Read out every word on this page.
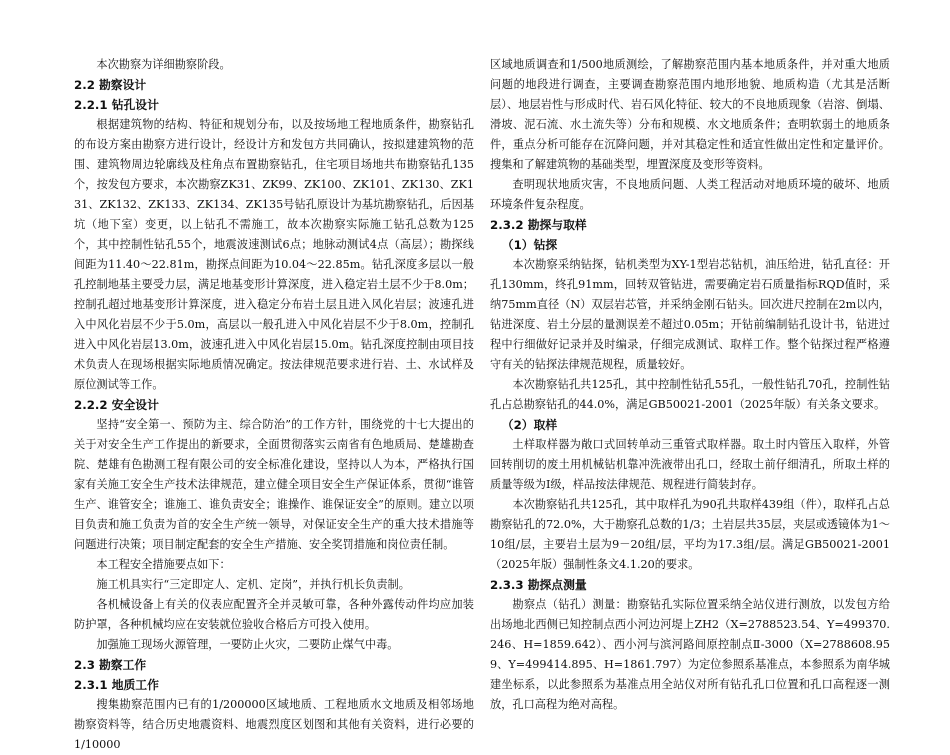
本次勘察为详细勘察阶段。

2.2 勘察设计

2.2.1 钻孔设计

根据建筑物的结构、特征和规划分布，以及按场地工程地质条件，勘察钻孔的布设方案由勘察方进行设计，经设计方和发包方共同确认，按拟建建筑物的范围、建筑物周边轮廓线及柱角点布置勘察钻孔，住宅项目场地共布勘察钻孔135个，按发包方要求，本次勘察ZK31、ZK99、ZK100、ZK101、ZK130、ZK131、ZK132、ZK133、ZK134、ZK135号钻孔原设计为基坑勘察钻孔，后因基坑（地下室）变更，以上钻孔不需施工，故本次勘察实际施工钻孔总数为125个，其中控制性钻孔55个，地震波速测试6点；地脉动测试4点（高层）；勘探线间距为11.40～22.81m，勘探点间距为10.04～22.85m。钻孔深度多层以一般孔控制地基主要受力层，满足地基变形计算深度，进入稳定岩土层不少于8.0m；控制孔超过地基变形计算深度，进入稳定分布岩土层且进入风化岩层；波速孔进入中风化岩层不少于5.0m，高层以一般孔进入中风化岩层不少于8.0m，控制孔进入中风化岩层13.0m，波速孔进入中风化岩层15.0m。钻孔深度控制由项目技术负责人在现场根据实际地质情况确定。按法律规范要求进行岩、土、水试样及原位测试等工作。

2.2.2 安全设计

坚持“安全第一、预防为主、综合防治”的工作方针，围绕党的十七大提出的关于对安全生产工作提出的新要求，全面贯彻落实云南省有色地质局、楚雄勘查院、楚雄有色勘测工程有限公司的安全标准化建设，坚持以人为本，严格执行国家有关施工安全生产技术法律规范，建立健全项目安全生产保证体系，贯彻“谁管生产、谁管安全；谁施工、谁负责安全；谁操作、谁保证安全”的原则。建立以项目负责和施工负责为首的安全生产统一领导，对保证安全生产的重大技术措施等问题进行决策；项目制定配套的安全生产措施、安全奖罚措施和岗位责任制。

本工程安全措施要点如下：

施工机具实行“三定即定人、定机、定岗”，并执行机长负责制。

各机械设备上有关的仪表应配置齐全并灵敏可靠，各种外露传动件均应加装防护罩，各种机械均应在安装就位验收合格后方可投入使用。

加强施工现场火源管理，一要防止火灾，二要防止煤气中毒。

2.3 勘察工作

2.3.1 地质工作

搜集勘察范围内已有的1/200000区域地质、工程地质水文地质及相邻场地勘察资料等，结合历史地震资料、地震烈度区划图和其他有关资料，进行必要的1/10000

区域地质调查和1/500地质测绘，了解勘察范围内基本地质条件，并对重大地质问题的地段进行调查，主要调查勘察范围内地形地貌、地质构造（尤其是活断层）、地层岩性与形成时代、岩石风化特征、较大的不良地质现象（岩溶、倒塌、滑坡、泥石流、水土流失等）分布和规模、水文地质条件；查明软弱土的地质条件，重点分析可能存在沉降问题，并对其稳定性和适宜性做出定性和定量评价。搜集和了解建筑物的基础类型，埋置深度及变形等资料。

查明现状地质灾害，不良地质问题、人类工程活动对地质环境的破坏、地质环境条件复杂程度。

2.3.2 勘探与取样

（1）钻探

本次勘察采纳钻探，钻机类型为XY-1型岩芯钻机，油压给进，钻孔直径：开孔130mm，终孔91mm，回转双管钻进，需要确定岩石质量指标RQD值时，采纳75mm直径（N）双层岩芯管，并采纳金刚石钻头。回次进尺控制在2m以内，钻进深度、岩土分层的量测误差不超过0.05m；开钻前编制钻孔设计书，钻进过程中行细做好记录并及时编录，仔细完成测试、取样工作。整个钻探过程严格遵守有关的钻探法律规范规程，质量较好。

本次勘察钻孔共125孔，其中控制性钻孔55孔，一般性钻孔70孔，控制性钻孔占总勘察钻孔的44.0%，满足GB50021-2001（2025年版）有关条文要求。

（2）取样

土样取样器为敞口式回转单动三重管式取样器。取土时内管压入取样，外管回转削切的废土用机械钻机靠冲洗液带出孔口，经取土前仔细清孔，所取土样的质量等级为Ⅰ级，样品按法律规范、规程进行简装封存。

本次勘察钻孔共125孔，其中取样孔为90孔共取样439组（件），取样孔占总勘察钻孔的72.0%，大于勘察孔总数的1/3；土岩层共35层，夹层或透镜体为1～10组/层，主要岩土层为9－20组/层，平均为17.3组/层。满足GB50021-2001（2025年版）强制性条文4.1.20的要求。

2.3.3 勘探点测量

勘察点（钻孔）测量：勘察钻孔实际位置采纳全站仪进行测放，以发包方给出场地北西侧已知控制点西小河边河堤上ZH2（X=2788523.54、Y=499370.246、H=1859.642）、西小河与滨河路间原控制点Ⅱ-3000（X=2788608.959、Y=499414.895、H=1861.797）为定位参照系基准点，本参照系为南华城建坐标系，以此参照系为基准点用全站仪对所有钻孔孔口位置和孔口高程逐一测放，孔口高程为绝对高程。
